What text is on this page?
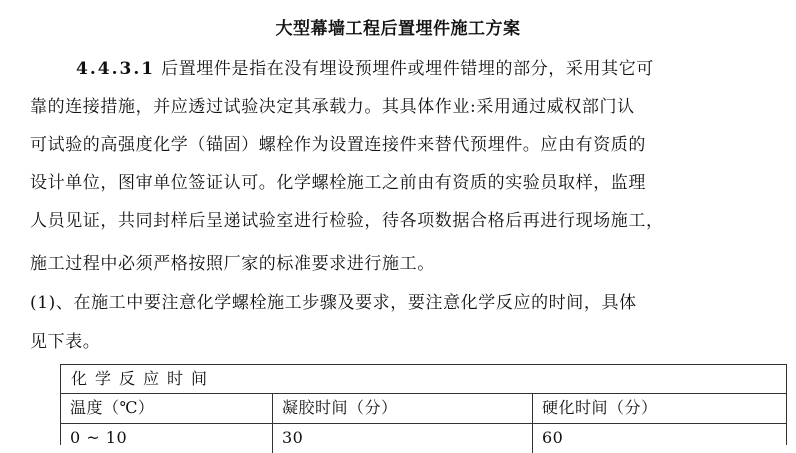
大型幕墙工程后置埋件施工方案
4.4.3.1 后置埋件是指在没有埋设预埋件或埋件错埋的部分，采用其它可
靠的连接措施，并应透过试验决定其承载力。其具体作业:采用通过威权部门认
可试验的高强度化学（锚固）螺栓作为设置连接件来替代预埋件。应由有资质的
设计单位，图审单位签证认可。化学螺栓施工之前由有资质的实验员取样，监理
人员见证，共同封样后呈递试验室进行检验，待各项数据合格后再进行现场施工，
施工过程中必须严格按照厂家的标准要求进行施工。
(1)、在施工中要注意化学螺栓施工步骤及要求，要注意化学反应的时间，具体
见下表。
化学反应时间
温度（℃）	凝胶时间（分）	硬化时间（分）
0 ~ 10	30	60
